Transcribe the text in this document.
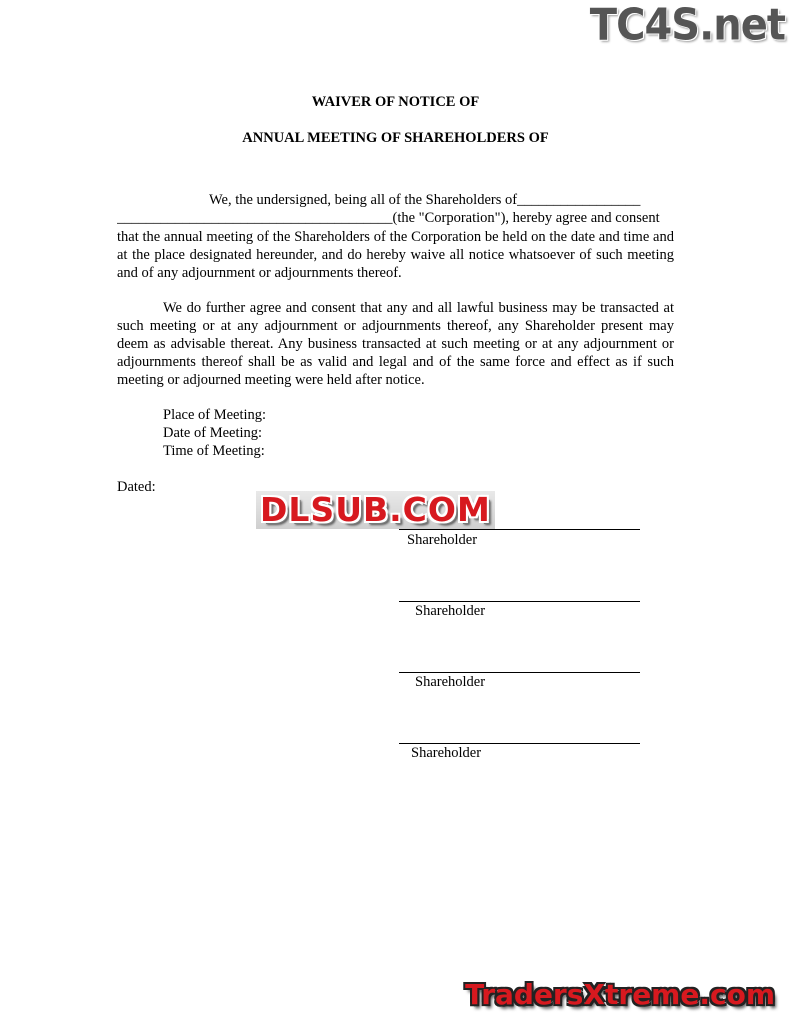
TC4S.net
WAIVER OF NOTICE OF
ANNUAL MEETING OF SHAREHOLDERS OF
We, the undersigned, being all of the Shareholders of_________________
______________________________________(the "Corporation"), hereby agree and consent
that the annual meeting of the Shareholders of the Corporation be held on the date and time and at the place designated hereunder, and do hereby waive all notice whatsoever of such meeting and of any adjournment or adjournments thereof.
We do further agree and consent that any and all lawful business may be transacted at such meeting or at any adjournment or adjournments thereof, any Shareholder present may deem as advisable thereat. Any business transacted at such meeting or at any adjournment or adjournments thereof shall be as valid and legal and of the same force and effect as if such meeting or adjourned meeting were held after notice.
Place of Meeting:
Date of Meeting:
Time of Meeting:
Dated:
DLSUB.COM
Shareholder
Shareholder
Shareholder
Shareholder
TradersXtreme.com
